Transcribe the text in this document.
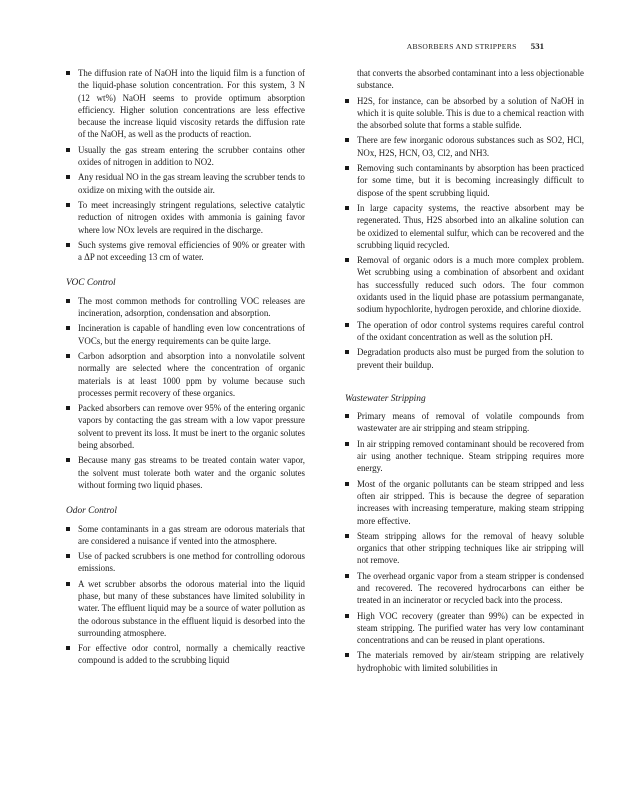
ABSORBERS AND STRIPPERS 531
The diffusion rate of NaOH into the liquid film is a function of the liquid-phase solution concentration. For this system, 3 N (12 wt%) NaOH seems to provide optimum absorption efficiency. Higher solution concentrations are less effective because the increase liquid viscosity retards the diffusion rate of the NaOH, as well as the products of reaction.
Usually the gas stream entering the scrubber contains other oxides of nitrogen in addition to NO2.
Any residual NO in the gas stream leaving the scrubber tends to oxidize on mixing with the outside air.
To meet increasingly stringent regulations, selective catalytic reduction of nitrogen oxides with ammonia is gaining favor where low NOx levels are required in the discharge.
Such systems give removal efficiencies of 90% or greater with a ΔP not exceeding 13 cm of water.
VOC Control
The most common methods for controlling VOC releases are incineration, adsorption, condensation and absorption.
Incineration is capable of handling even low concentrations of VOCs, but the energy requirements can be quite large.
Carbon adsorption and absorption into a nonvolatile solvent normally are selected where the concentration of organic materials is at least 1000 ppm by volume because such processes permit recovery of these organics.
Packed absorbers can remove over 95% of the entering organic vapors by contacting the gas stream with a low vapor pressure solvent to prevent its loss. It must be inert to the organic solutes being absorbed.
Because many gas streams to be treated contain water vapor, the solvent must tolerate both water and the organic solutes without forming two liquid phases.
Odor Control
Some contaminants in a gas stream are odorous materials that are considered a nuisance if vented into the atmosphere.
Use of packed scrubbers is one method for controlling odorous emissions.
A wet scrubber absorbs the odorous material into the liquid phase, but many of these substances have limited solubility in water. The effluent liquid may be a source of water pollution as the odorous substance in the effluent liquid is desorbed into the surrounding atmosphere.
For effective odor control, normally a chemically reactive compound is added to the scrubbing liquid
that converts the absorbed contaminant into a less objectionable substance.
H2S, for instance, can be absorbed by a solution of NaOH in which it is quite soluble. This is due to a chemical reaction with the absorbed solute that forms a stable sulfide.
There are few inorganic odorous substances such as SO2, HCl, NOx, H2S, HCN, O3, Cl2, and NH3.
Removing such contaminants by absorption has been practiced for some time, but it is becoming increasingly difficult to dispose of the spent scrubbing liquid.
In large capacity systems, the reactive absorbent may be regenerated. Thus, H2S absorbed into an alkaline solution can be oxidized to elemental sulfur, which can be recovered and the scrubbing liquid recycled.
Removal of organic odors is a much more complex problem. Wet scrubbing using a combination of absorbent and oxidant has successfully reduced such odors. The four common oxidants used in the liquid phase are potassium permanganate, sodium hypochlorite, hydrogen peroxide, and chlorine dioxide.
The operation of odor control systems requires careful control of the oxidant concentration as well as the solution pH.
Degradation products also must be purged from the solution to prevent their buildup.
Wastewater Stripping
Primary means of removal of volatile compounds from wastewater are air stripping and steam stripping.
In air stripping removed contaminant should be recovered from air using another technique. Steam stripping requires more energy.
Most of the organic pollutants can be steam stripped and less often air stripped. This is because the degree of separation increases with increasing temperature, making steam stripping more effective.
Steam stripping allows for the removal of heavy soluble organics that other stripping techniques like air stripping will not remove.
The overhead organic vapor from a steam stripper is condensed and recovered. The recovered hydrocarbons can either be treated in an incinerator or recycled back into the process.
High VOC recovery (greater than 99%) can be expected in steam stripping. The purified water has very low contaminant concentrations and can be reused in plant operations.
The materials removed by air/steam stripping are relatively hydrophobic with limited solubilities in
